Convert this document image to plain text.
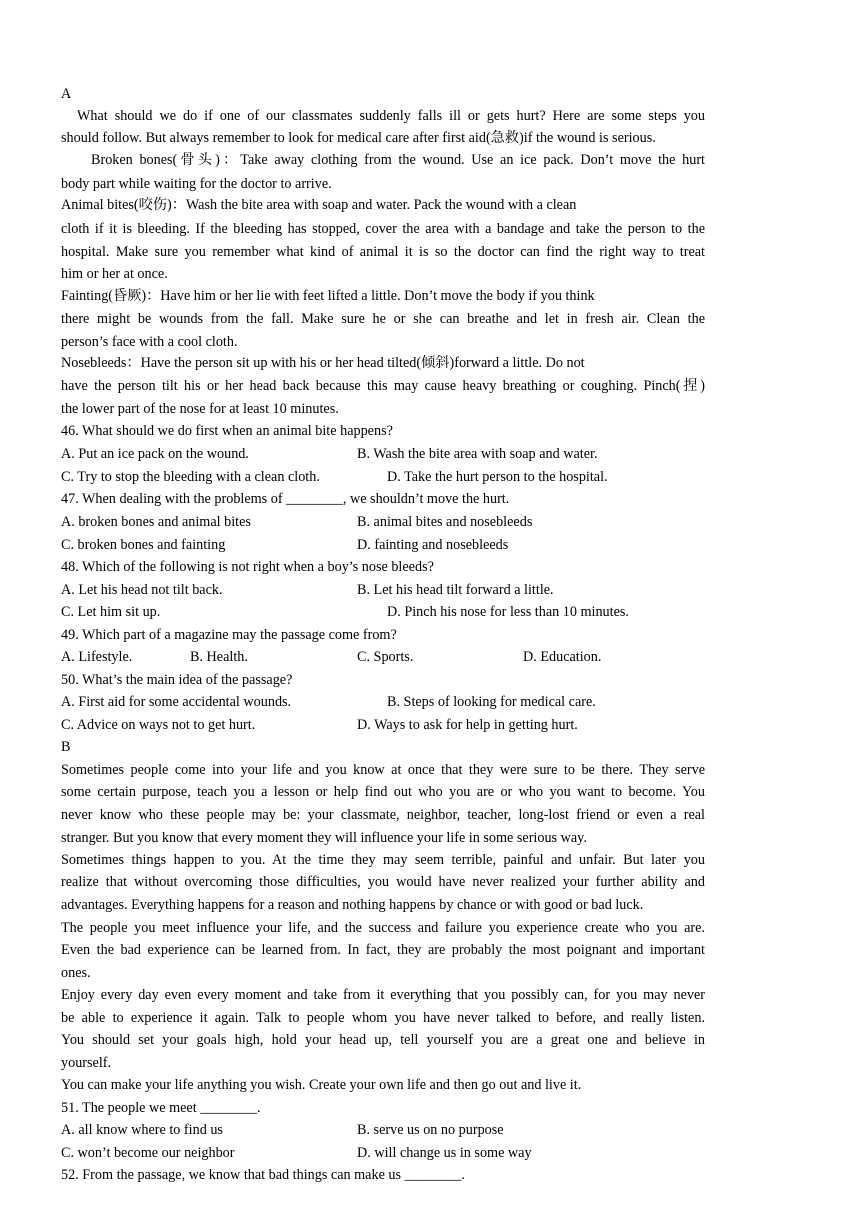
A
What should we do if one of our classmates suddenly falls ill or gets hurt? Here are some steps you
should follow. But always remember to look for medical care after first aid(急救)if the wound is serious.
Broken bones(骨头)：Take away clothing from the wound. Use an ice pack. Don’t move the hurt
body part while waiting for the doctor to arrive.
Animal bites(咬伤)：Wash the bite area with soap and water. Pack the wound with a clean
cloth if it is bleeding. If the bleeding has stopped, cover the area with a bandage and take the person to the
hospital. Make sure you remember what kind of animal it is so the doctor can find the right way to treat
him or her at once.
Fainting(昏厥)：Have him or her lie with feet lifted a little. Don’t move the body if you think
there might be wounds from the fall. Make sure he or she can breathe and let in fresh air. Clean the
person’s face with a cool cloth.
Nosebleeds：Have the person sit up with his or her head tilted(倾斜)forward a little. Do not
have the person tilt his or her head back because this may cause heavy breathing or coughing. Pinch(捏)
the lower part of the nose for at least 10 minutes.
46. What should we do first when an animal bite happens?
A. Put an ice pack on the wound.	B. Wash the bite area with soap and water.
C. Try to stop the bleeding with a clean cloth.	D. Take the hurt person to the hospital.
47. When dealing with the problems of ________, we shouldn’t move the hurt.
A. broken bones and animal bites	B. animal bites and nosebleeds
C. broken bones and fainting	D. fainting and nosebleeds
48. Which of the following is not right when a boy’s nose bleeds?
A. Let his head not tilt back.	B. Let his head tilt forward a little.
C. Let him sit up.	D. Pinch his nose for less than 10 minutes.
49. Which part of a magazine may the passage come from?
A. Lifestyle.	B. Health.	C. Sports.	D. Education.
50. What’s the main idea of the passage?
A. First aid for some accidental wounds.	B. Steps of looking for medical care.
C. Advice on ways not to get hurt.	D. Ways to ask for help in getting hurt.
B
Sometimes people come into your life and you know at once that they were sure to be there. They serve
some certain purpose, teach you a lesson or help find out who you are or who you want to become. You
never know who these people may be: your classmate, neighbor, teacher, long-lost friend or even a real
stranger. But you know that every moment they will influence your life in some serious way.
Sometimes things happen to you. At the time they may seem terrible, painful and unfair. But later you
realize that without overcoming those difficulties, you would have never realized your further ability and
advantages. Everything happens for a reason and nothing happens by chance or with good or bad luck.
The people you meet influence your life, and the success and failure you experience create who you are.
Even the bad experience can be learned from. In fact, they are probably the most poignant and important
ones.
Enjoy every day even every moment and take from it everything that you possibly can, for you may never
be able to experience it again. Talk to people whom you have never talked to before, and really listen.
You should set your goals high, hold your head up, tell yourself you are a great one and believe in
yourself.
You can make your life anything you wish. Create your own life and then go out and live it.
51. The people we meet ________.
A. all know where to find us	B. serve us on no purpose
C. won’t become our neighbor	D. will change us in some way
52. From the passage, we know that bad things can make us ________.
